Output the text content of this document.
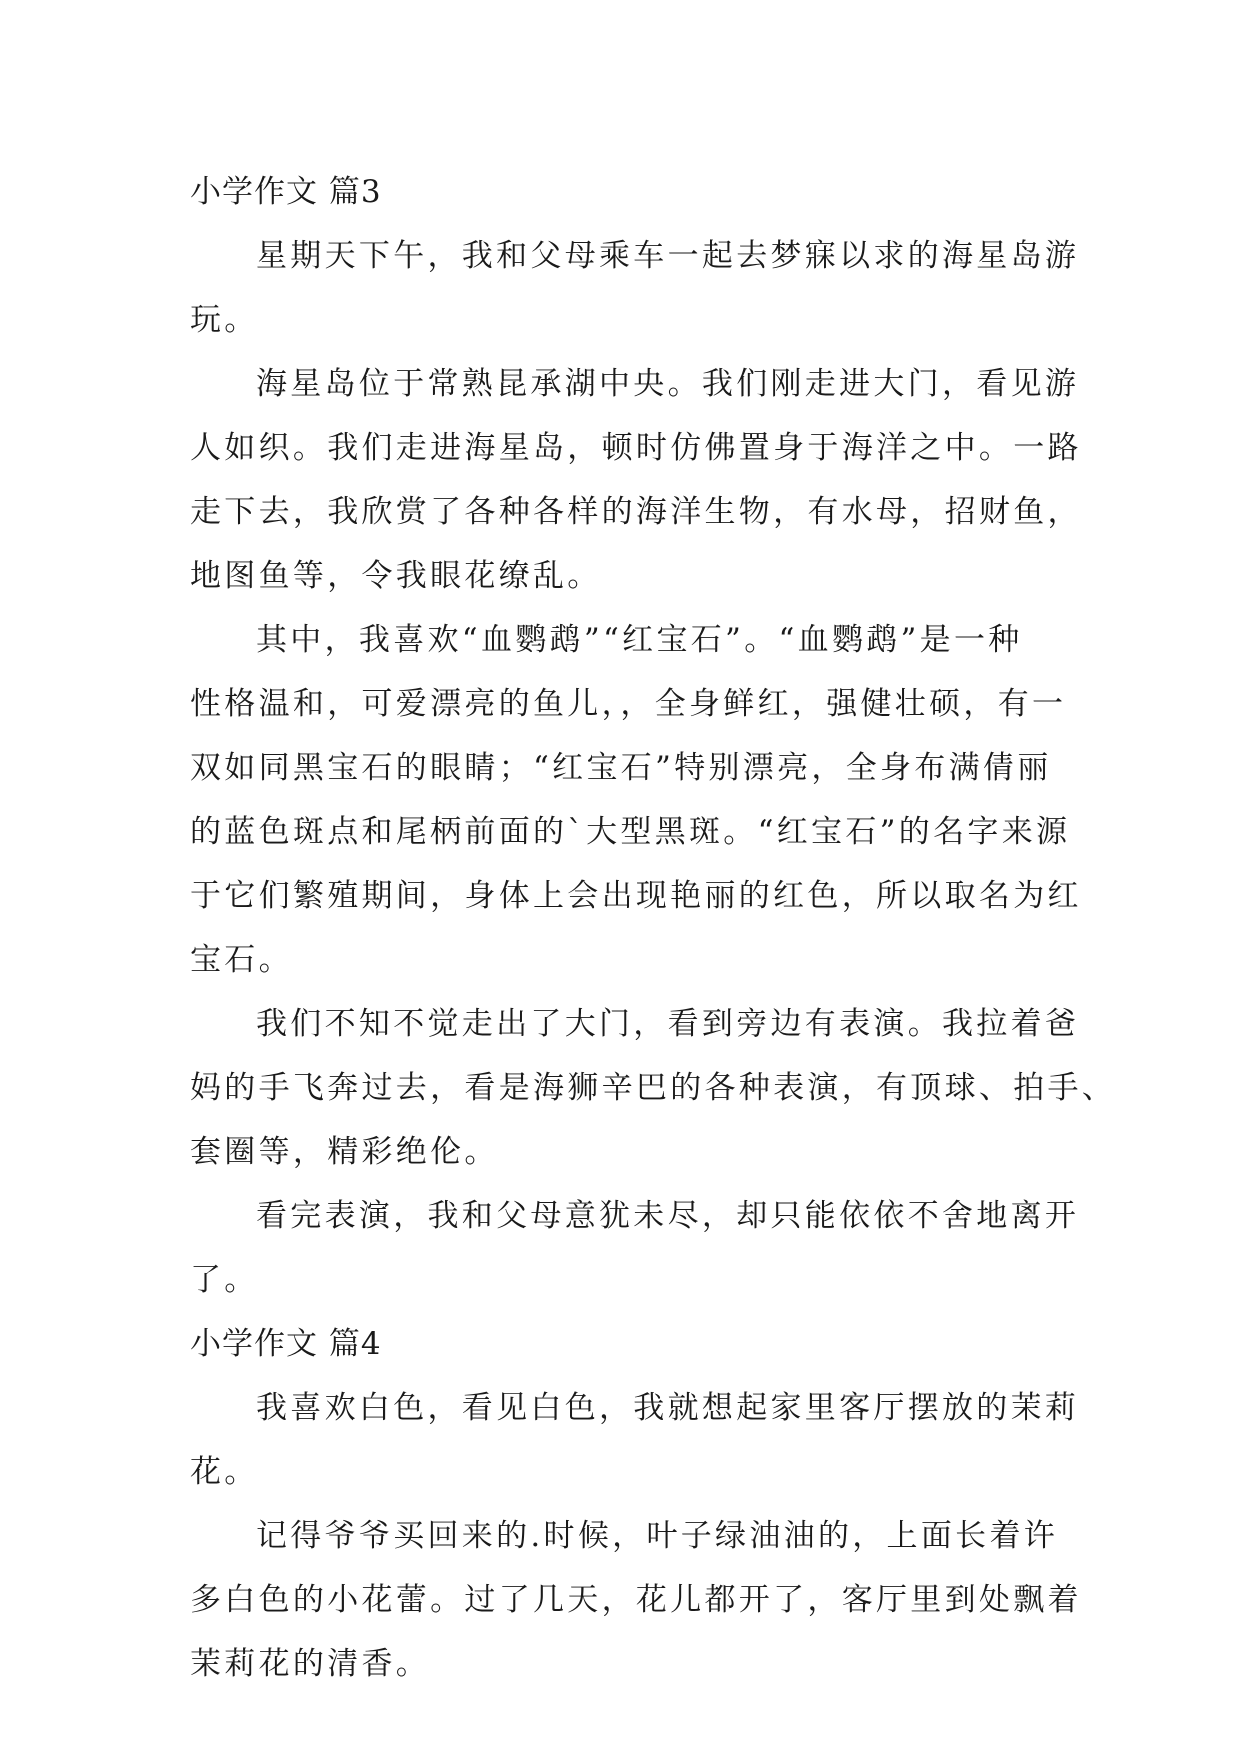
小学作文 篇3
星期天下午，我和父母乘车一起去梦寐以求的海星岛游
玩。
海星岛位于常熟昆承湖中央。我们刚走进大门，看见游
人如织。我们走进海星岛，顿时仿佛置身于海洋之中。一路
走下去，我欣赏了各种各样的海洋生物，有水母，招财鱼，
地图鱼等，令我眼花缭乱。
其中，我喜欢“血鹦鹉”“红宝石”。“血鹦鹉”是一种
性格温和，可爱漂亮的鱼儿，，全身鲜红，强健壮硕，有一
双如同黑宝石的眼睛；“红宝石”特别漂亮，全身布满倩丽
的蓝色斑点和尾柄前面的`大型黑斑。“红宝石”的名字来源
于它们繁殖期间，身体上会出现艳丽的红色，所以取名为红
宝石。
我们不知不觉走出了大门，看到旁边有表演。我拉着爸
妈的手飞奔过去，看是海狮辛巴的各种表演，有顶球、拍手、
套圈等，精彩绝伦。
看完表演，我和父母意犹未尽，却只能依依不舍地离开
了。
小学作文 篇4
我喜欢白色，看见白色，我就想起家里客厅摆放的茉莉
花。
记得爷爷买回来的.时候，叶子绿油油的，上面长着许
多白色的小花蕾。过了几天，花儿都开了，客厅里到处飘着
茉莉花的清香。
